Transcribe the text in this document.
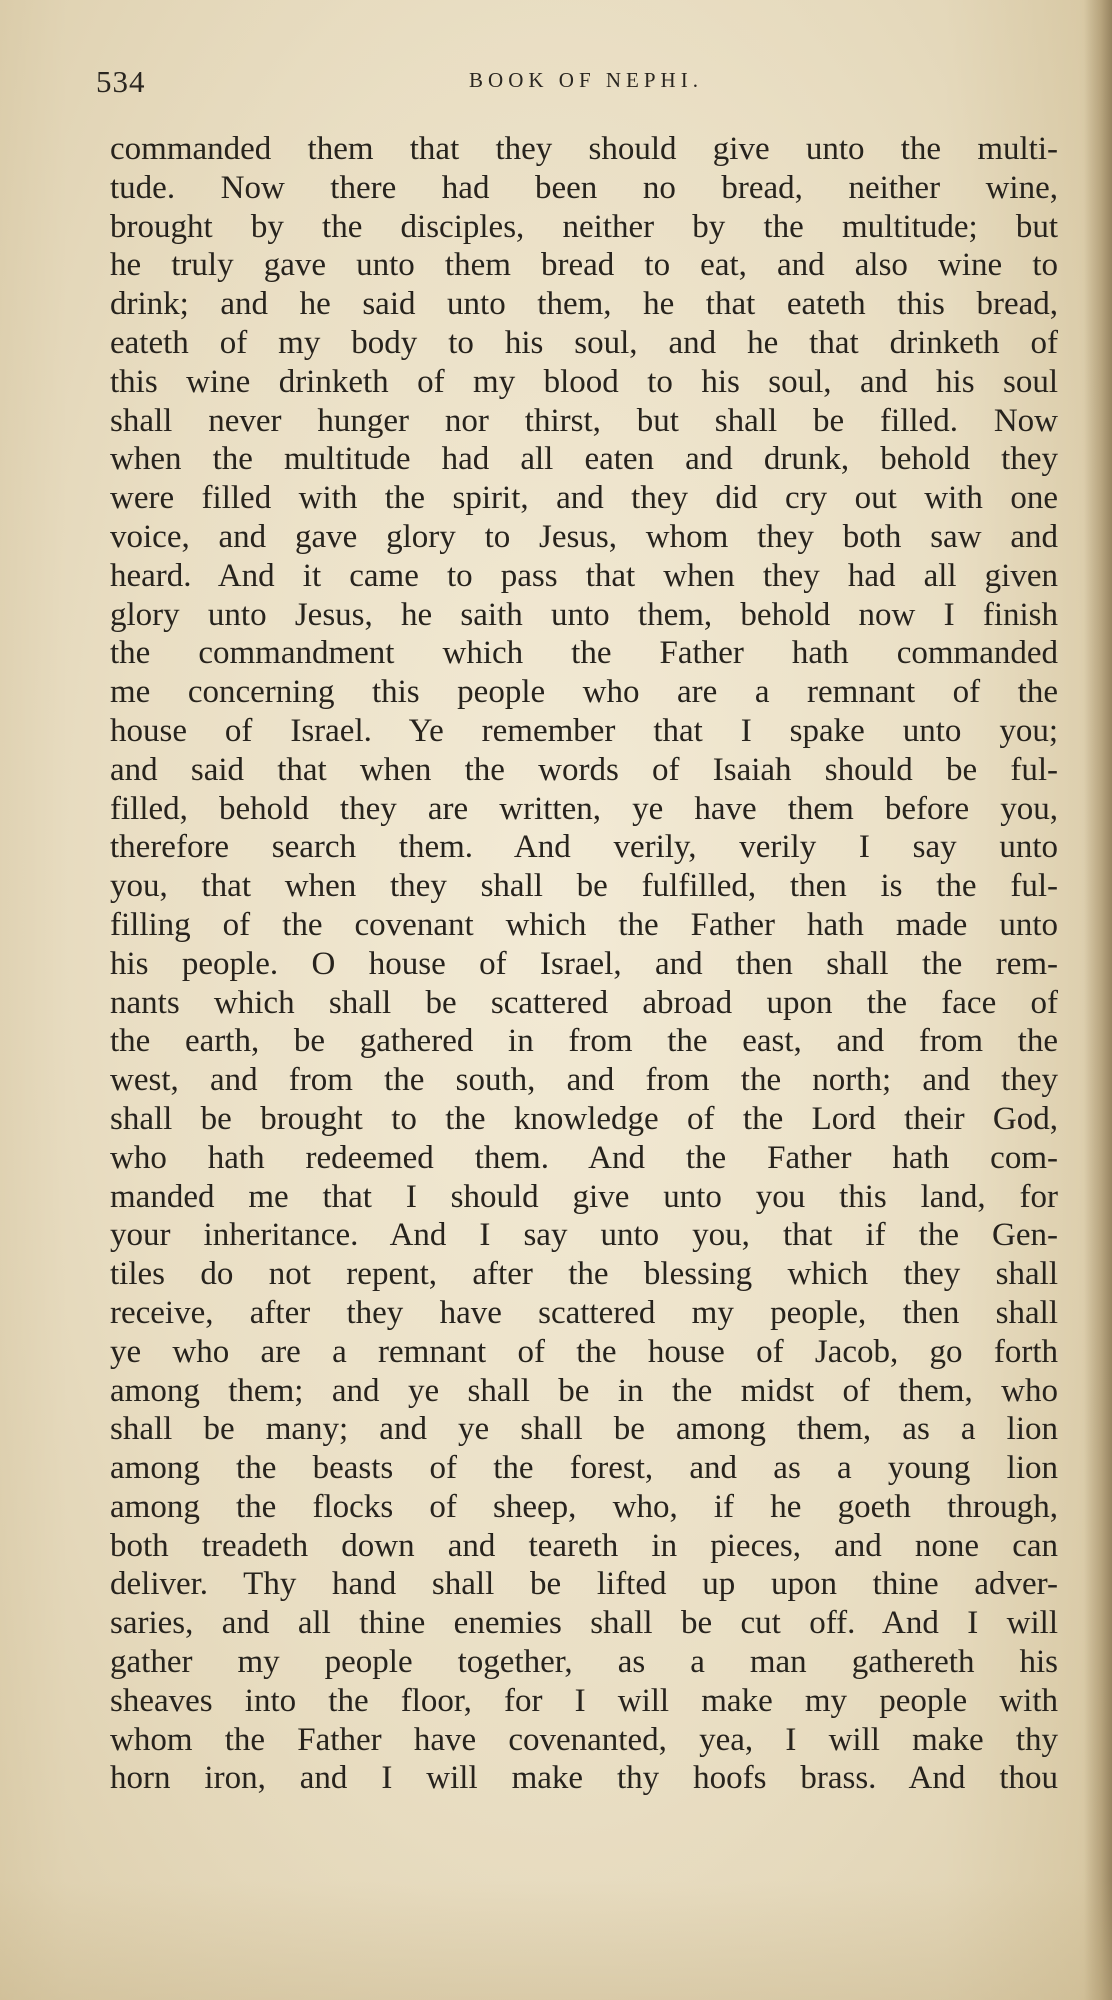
534	BOOK OF NEPHI.
commanded them that they should give unto the multi-
tude. Now there had been no bread, neither wine,
brought by the disciples, neither by the multitude; but
he truly gave unto them bread to eat, and also wine to
drink; and he said unto them, he that eateth this bread,
eateth of my body to his soul, and he that drinketh of
this wine drinketh of my blood to his soul, and his soul
shall never hunger nor thirst, but shall be filled. Now
when the multitude had all eaten and drunk, behold they
were filled with the spirit, and they did cry out with one
voice, and gave glory to Jesus, whom they both saw and
heard. And it came to pass that when they had all given
glory unto Jesus, he saith unto them, behold now I finish
the commandment which the Father hath commanded
me concerning this people who are a remnant of the
house of Israel. Ye remember that I spake unto you;
and said that when the words of Isaiah should be ful-
filled, behold they are written, ye have them before you,
therefore search them. And verily, verily I say unto
you, that when they shall be fulfilled, then is the ful-
filling of the covenant which the Father hath made unto
his people. O house of Israel, and then shall the rem-
nants which shall be scattered abroad upon the face of
the earth, be gathered in from the east, and from the
west, and from the south, and from the north; and they
shall be brought to the knowledge of the Lord their God,
who hath redeemed them. And the Father hath com-
manded me that I should give unto you this land, for
your inheritance. And I say unto you, that if the Gen-
tiles do not repent, after the blessing which they shall
receive, after they have scattered my people, then shall
ye who are a remnant of the house of Jacob, go forth
among them; and ye shall be in the midst of them, who
shall be many; and ye shall be among them, as a lion
among the beasts of the forest, and as a young lion
among the flocks of sheep, who, if he goeth through,
both treadeth down and teareth in pieces, and none can
deliver. Thy hand shall be lifted up upon thine adver-
saries, and all thine enemies shall be cut off. And I will
gather my people together, as a man gathereth his
sheaves into the floor, for I will make my people with
whom the Father have covenanted, yea, I will make thy
horn iron, and I will make thy hoofs brass. And thou
